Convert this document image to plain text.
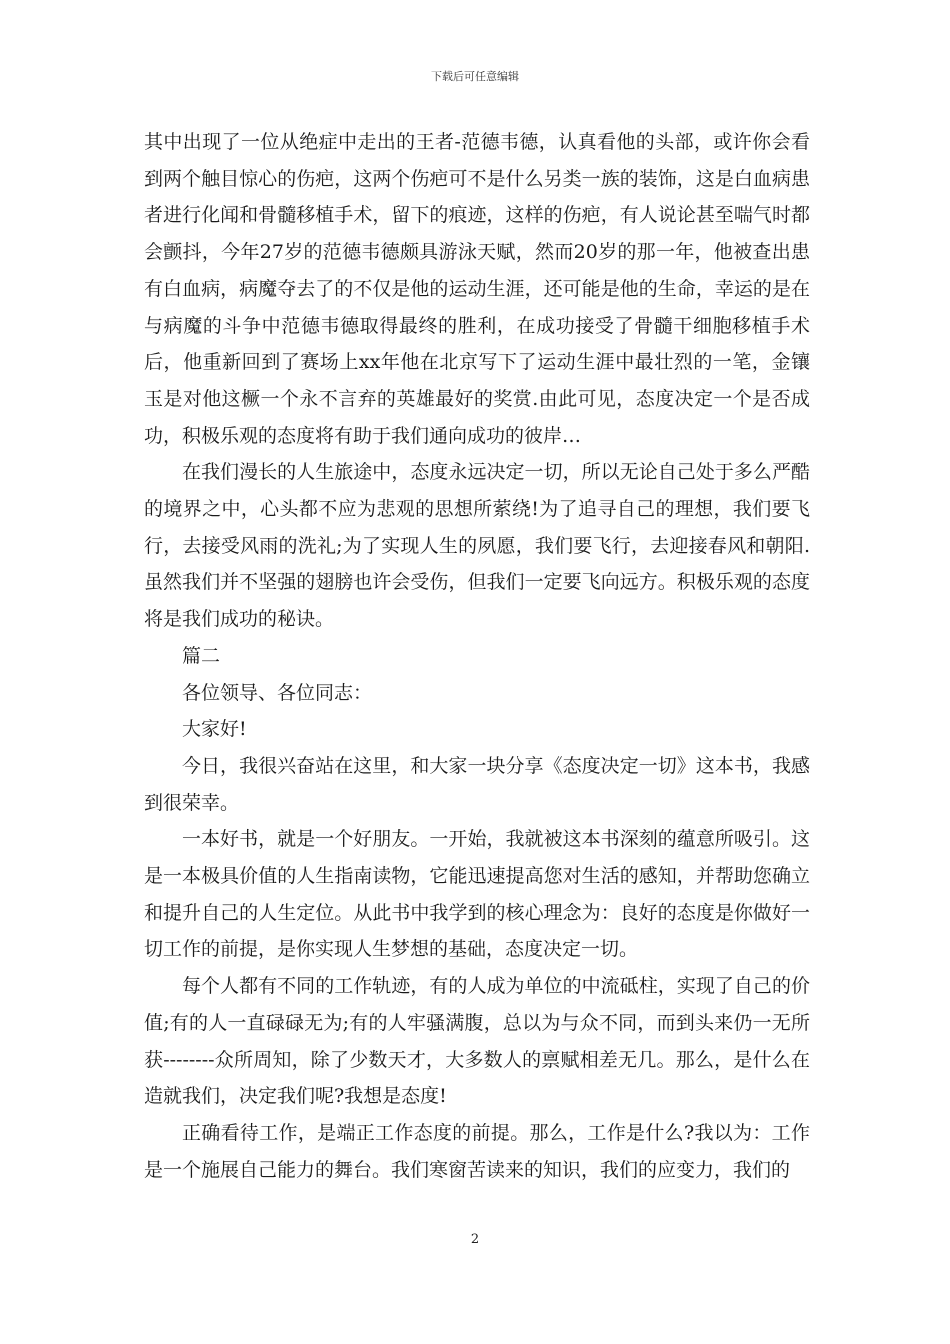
下载后可任意编辑

其中出现了一位从绝症中走出的王者-范德韦德，认真看他的头部，或许你会看到两个触目惊心的伤疤，这两个伤疤可不是什么另类一族的装饰，这是白血病患者进行化闻和骨髓移植手术，留下的痕迹，这样的伤疤，有人说论甚至喘气时都会颤抖，今年27岁的范德韦德颇具游泳天赋，然而20岁的那一年，他被查出患有白血病，病魔夺去了的不仅是他的运动生涯，还可能是他的生命，幸运的是在与病魔的斗争中范德韦德取得最终的胜利，在成功接受了骨髓干细胞移植手术后，他重新回到了赛场上xx年他在北京写下了运动生涯中最壮烈的一笔，金镶玉是对他这橛一个永不言弃的英雄最好的奖赏.由此可见，态度决定一个是否成功，积极乐观的态度将有助于我们通向成功的彼岸…

在我们漫长的人生旅途中，态度永远决定一切，所以无论自己处于多么严酷的境界之中，心头都不应为悲观的思想所萦绕!为了追寻自己的理想，我们要飞行，去接受风雨的洗礼;为了实现人生的夙愿，我们要飞行，去迎接春风和朝阳.虽然我们并不坚强的翅膀也许会受伤，但我们一定要飞向远方。积极乐观的态度将是我们成功的秘诀。

篇二

各位领导、各位同志：

大家好!

今日，我很兴奋站在这里，和大家一块分享《态度决定一切》这本书，我感到很荣幸。

一本好书，就是一个好朋友。一开始，我就被这本书深刻的蕴意所吸引。这是一本极具价值的人生指南读物，它能迅速提高您对生活的感知，并帮助您确立和提升自己的人生定位。从此书中我学到的核心理念为：良好的态度是你做好一切工作的前提，是你实现人生梦想的基础，态度决定一切。

每个人都有不同的工作轨迹，有的人成为单位的中流砥柱，实现了自己的价值;有的人一直碌碌无为;有的人牢骚满腹，总以为与众不同，而到头来仍一无所获--------众所周知，除了少数天才，大多数人的禀赋相差无几。那么，是什么在造就我们，决定我们呢?我想是态度!

正确看待工作，是端正工作态度的前提。那么，工作是什么?我以为：工作是一个施展自己能力的舞台。我们寒窗苦读来的知识，我们的应变力，我们的

2
